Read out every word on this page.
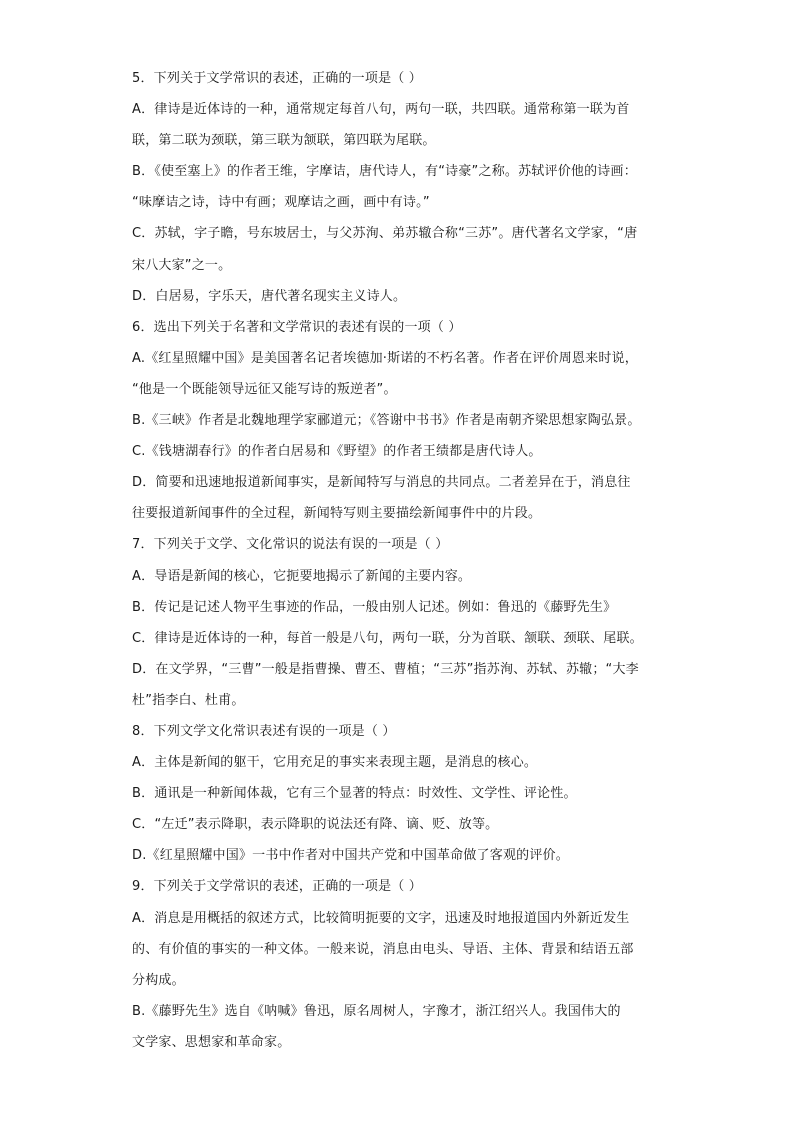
5．下列关于文学常识的表述，正确的一项是（ ）
A．律诗是近体诗的一种，通常规定每首八句，两句一联，共四联。通常称第一联为首
联，第二联为颈联，第三联为颔联，第四联为尾联。
B．《使至塞上》的作者王维，字摩诘，唐代诗人，有“诗豪”之称。苏轼评价他的诗画：
“味摩诘之诗，诗中有画；观摩诘之画，画中有诗。”
C．苏轼，字子瞻，号东坡居士，与父苏洵、弟苏辙合称“三苏”。唐代著名文学家，“唐
宋八大家”之一。
D．白居易，字乐天，唐代著名现实主义诗人。
6．选出下列关于名著和文学常识的表述有误的一项（ ）
A.《红星照耀中国》是美国著名记者埃德加·斯诺的不朽名著。作者在评价周恩来时说，
“他是一个既能领导远征又能写诗的叛逆者”。
B.《三峡》作者是北魏地理学家郦道元；《答谢中书书》作者是南朝齐梁思想家陶弘景。
C.《钱塘湖春行》的作者白居易和《野望》的作者王绩都是唐代诗人。
D．简要和迅速地报道新闻事实，是新闻特写与消息的共同点。二者差异在于，消息往
往要报道新闻事件的全过程，新闻特写则主要描绘新闻事件中的片段。
7．下列关于文学、文化常识的说法有误的一项是（ ）
A．导语是新闻的核心，它扼要地揭示了新闻的主要内容。
B．传记是记述人物平生事迹的作品，一般由别人记述。例如：鲁迅的《藤野先生》
C．律诗是近体诗的一种，每首一般是八句，两句一联，分为首联、颔联、颈联、尾联。
D．在文学界，“三曹”一般是指曹操、曹丕、曹植；“三苏”指苏洵、苏轼、苏辙；“大李
杜”指李白、杜甫。
8．下列文学文化常识表述有误的一项是（ ）
A．主体是新闻的躯干，它用充足的事实来表现主题，是消息的核心。
B．通讯是一种新闻体裁，它有三个显著的特点：时效性、文学性、评论性。
C．“左迁”表示降职，表示降职的说法还有降、谪、贬、放等。
D.《红星照耀中国》一书中作者对中国共产党和中国革命做了客观的评价。
9．下列关于文学常识的表述，正确的一项是（ ）
A．消息是用概括的叙述方式，比较简明扼要的文字，迅速及时地报道国内外新近发生
的、有价值的事实的一种文体。一般来说，消息由电头、导语、主体、背景和结语五部
分构成。
B.《藤野先生》选自《呐喊》鲁迅，原名周树人，字豫才，浙江绍兴人。我国伟大的
文学家、思想家和革命家。
